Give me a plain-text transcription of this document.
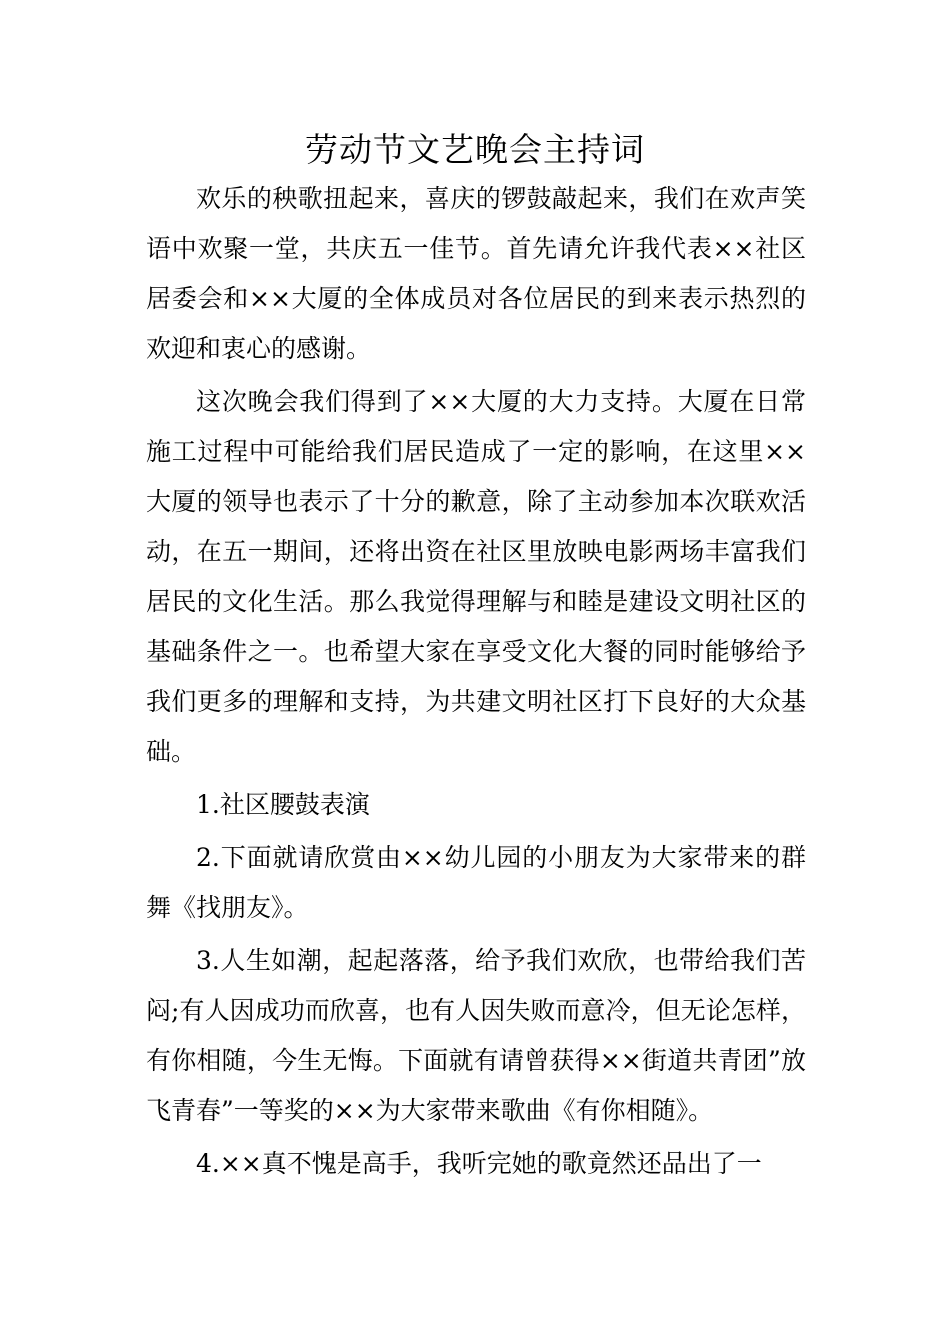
劳动节文艺晚会主持词

欢乐的秧歌扭起来，喜庆的锣鼓敲起来，我们在欢声笑语中欢聚一堂，共庆五一佳节。首先请允许我代表××社区居委会和××大厦的全体成员对各位居民的到来表示热烈的欢迎和衷心的感谢。

这次晚会我们得到了××大厦的大力支持。大厦在日常施工过程中可能给我们居民造成了一定的影响，在这里××大厦的领导也表示了十分的歉意，除了主动参加本次联欢活动，在五一期间，还将出资在社区里放映电影两场丰富我们居民的文化生活。那么我觉得理解与和睦是建设文明社区的基础条件之一。也希望大家在享受文化大餐的同时能够给予我们更多的理解和支持，为共建文明社区打下良好的大众基础。

1.社区腰鼓表演

2.下面就请欣赏由××幼儿园的小朋友为大家带来的群舞《找朋友》。

3.人生如潮，起起落落，给予我们欢欣，也带给我们苦闷;有人因成功而欣喜，也有人因失败而意冷，但无论怎样，有你相随，今生无悔。下面就有请曾获得××街道共青团”放飞青春”一等奖的××为大家带来歌曲《有你相随》。

4.××真不愧是高手，我听完她的歌竟然还品出了一
